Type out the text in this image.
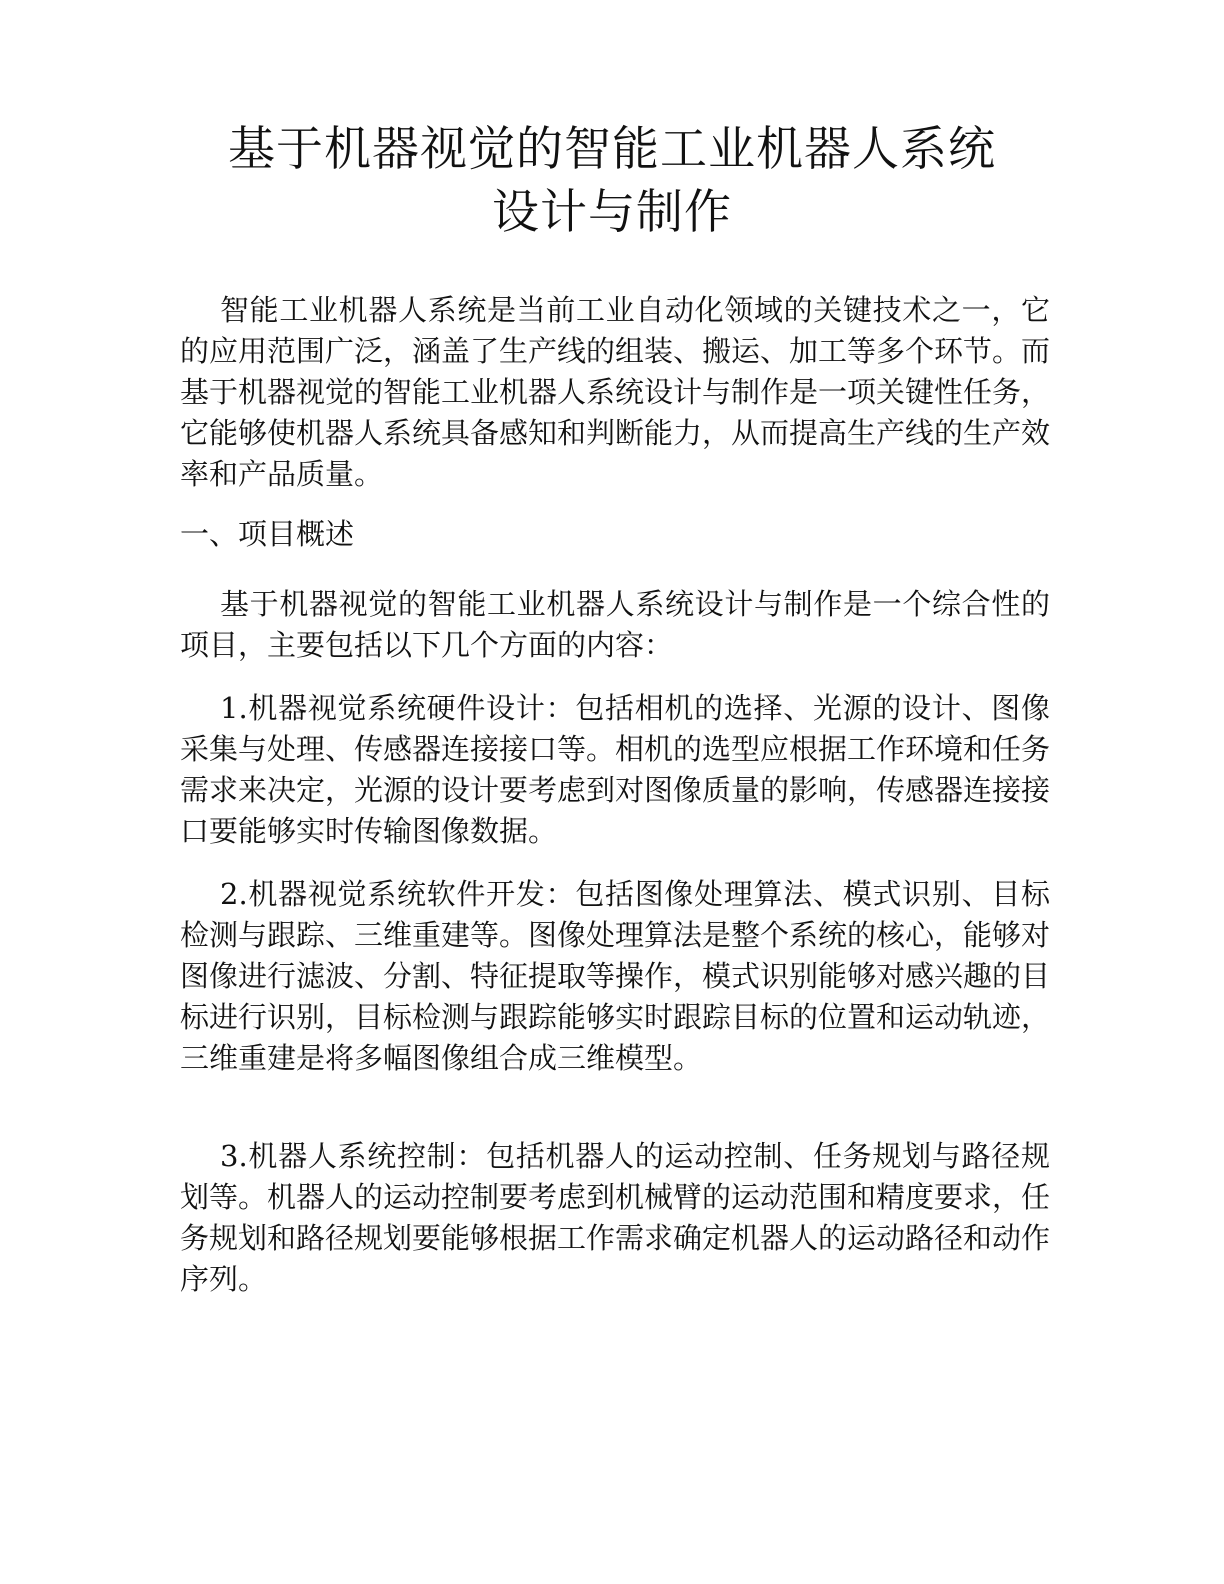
基于机器视觉的智能工业机器人系统
设计与制作

智能工业机器人系统是当前工业自动化领域的关键技术之一，它的应用范围广泛，涵盖了生产线的组装、搬运、加工等多个环节。而基于机器视觉的智能工业机器人系统设计与制作是一项关键性任务，它能够使机器人系统具备感知和判断能力，从而提高生产线的生产效率和产品质量。

一、项目概述

基于机器视觉的智能工业机器人系统设计与制作是一个综合性的项目，主要包括以下几个方面的内容：

1.机器视觉系统硬件设计：包括相机的选择、光源的设计、图像采集与处理、传感器连接接口等。相机的选型应根据工作环境和任务需求来决定，光源的设计要考虑到对图像质量的影响，传感器连接接口要能够实时传输图像数据。

2.机器视觉系统软件开发：包括图像处理算法、模式识别、目标检测与跟踪、三维重建等。图像处理算法是整个系统的核心，能够对图像进行滤波、分割、特征提取等操作，模式识别能够对感兴趣的目标进行识别，目标检测与跟踪能够实时跟踪目标的位置和运动轨迹，三维重建是将多幅图像组合成三维模型。

3.机器人系统控制：包括机器人的运动控制、任务规划与路径规划等。机器人的运动控制要考虑到机械臂的运动范围和精度要求，任务规划和路径规划要能够根据工作需求确定机器人的运动路径和动作序列。
